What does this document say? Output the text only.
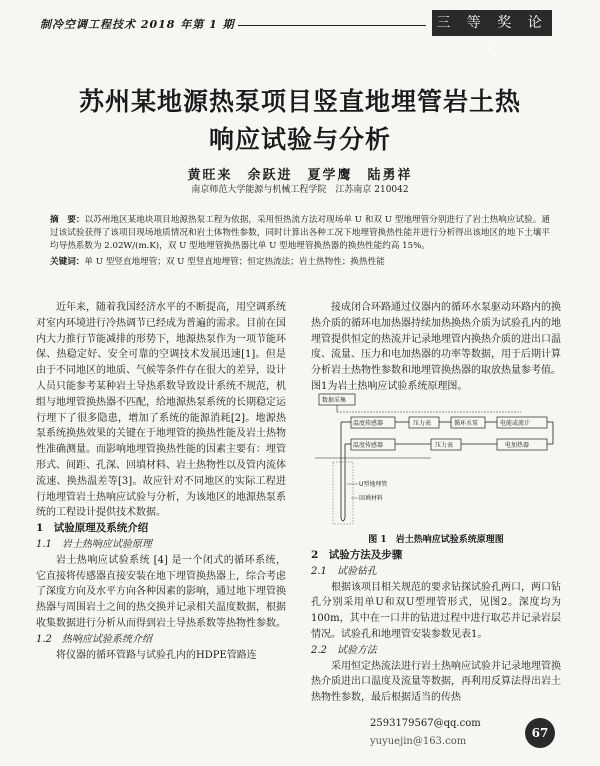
制冷空调工程技术 2018 年第 1 期	三 等 奖 论 文
苏州某地源热泵项目竖直地埋管岩土热
响应试验与分析
黄旺来　余跃进　夏学鹰　陆勇祥
南京师范大学能源与机械工程学院　江苏南京 210042
摘　要：以苏州地区某地块项目地源热泵工程为依据，采用恒热流方法对现场单 U 和双 U 型地埋管分别进行了岩土热响应试验。通过该试验获得了该项目现场地质情况和岩土体物性参数，同时计算出各种工况下地埋管换热性能并进行分析得出该地区的地下土壤平均导热系数为 2.02W/(m.K)，双 U 型地埋管换热器比单 U 型地埋管换热器的换热性能约高 15%。
关键词：单 U 型竖直地埋管；双 U 型竖直地埋管；恒定热流法；岩土热物性；换热性能

近年来，随着我国经济水平的不断提高，用空调系统对室内环境进行冷热调节已经成为普遍的需求。目前在国内大力推行节能减排的形势下，地源热泵作为一项节能环保、热稳定好、安全可靠的空调技术发展迅速[1]。但是由于不同地区的地质、气候等条件存在很大的差异，设计人员只能参考某种岩土导热系数导致设计系统不规范，机组与地埋管换热器不匹配，给地源热泵系统的长期稳定运行埋下了很多隐患，增加了系统的能源消耗[2]。地源热泵系统换热效果的关键在于地埋管的换热性能及岩土热物性准确测量。而影响地埋管换热性能的因素主要有：埋管形式、间距、孔深、回填材料、岩土热物性以及管内流体流速、换热温差等[3]。故应针对不同地区的实际工程进行地埋管岩土热响应试验与分析，为该地区的地源热泵系统的工程设计提供技术数据。

1　试验原理及系统介绍

1.1　岩土热响应试验原理

岩土热响应试验系统 [4] 是一个闭式的循环系统，它直接将传感器直接安装在地下埋管换热器上，综合考虑了深度方向及水平方向各种因素的影响，通过地下埋管换热器与周围岩土之间的热交换并记录相关温度数据，根据收集数据进行分析从而得到岩土导热系数等热物性参数。

1.2　热响应试验系统介绍

将仪器的循环管路与试验孔内的HDPE管路连

接成闭合环路通过仪器内的循环水泵驱动环路内的换热介质的循环电加热器持续加热换热介质为试验孔内的地埋管提供恒定的热流并记录地埋管内换热介质的进出口温度、流量、压力和电加热器的功率等数据，用于后期计算分析岩土热物性参数和地埋管换热器的取放热量参考值。图1为岩土热响应试验系统原理图。

数据采集
温度传感器	压力表	循环水泵	电能或流计
温度传感器	压力表	电加热器
U型地埋管
回填材料
图 1　岩土热响应试验系统原理图

2　试验方法及步骤

2.1　试验钻孔

根据该项目相关规范的要求钻探试验孔两口，两口钻孔分别采用单U和双U型埋管形式，见图2。深度均为100m，其中在一口井的钻进过程中进行取芯并记录岩层情况。试验孔和地埋管安装参数见表1。

2.2　试验方法

采用恒定热流法进行岩土热响应试验并记录地埋管换热介质进出口温度及流量等数据，再利用反算法得出岩土热物性参数，最后根据适当的传热

2593179567@qq.com
yuyuejin@163.com
67
